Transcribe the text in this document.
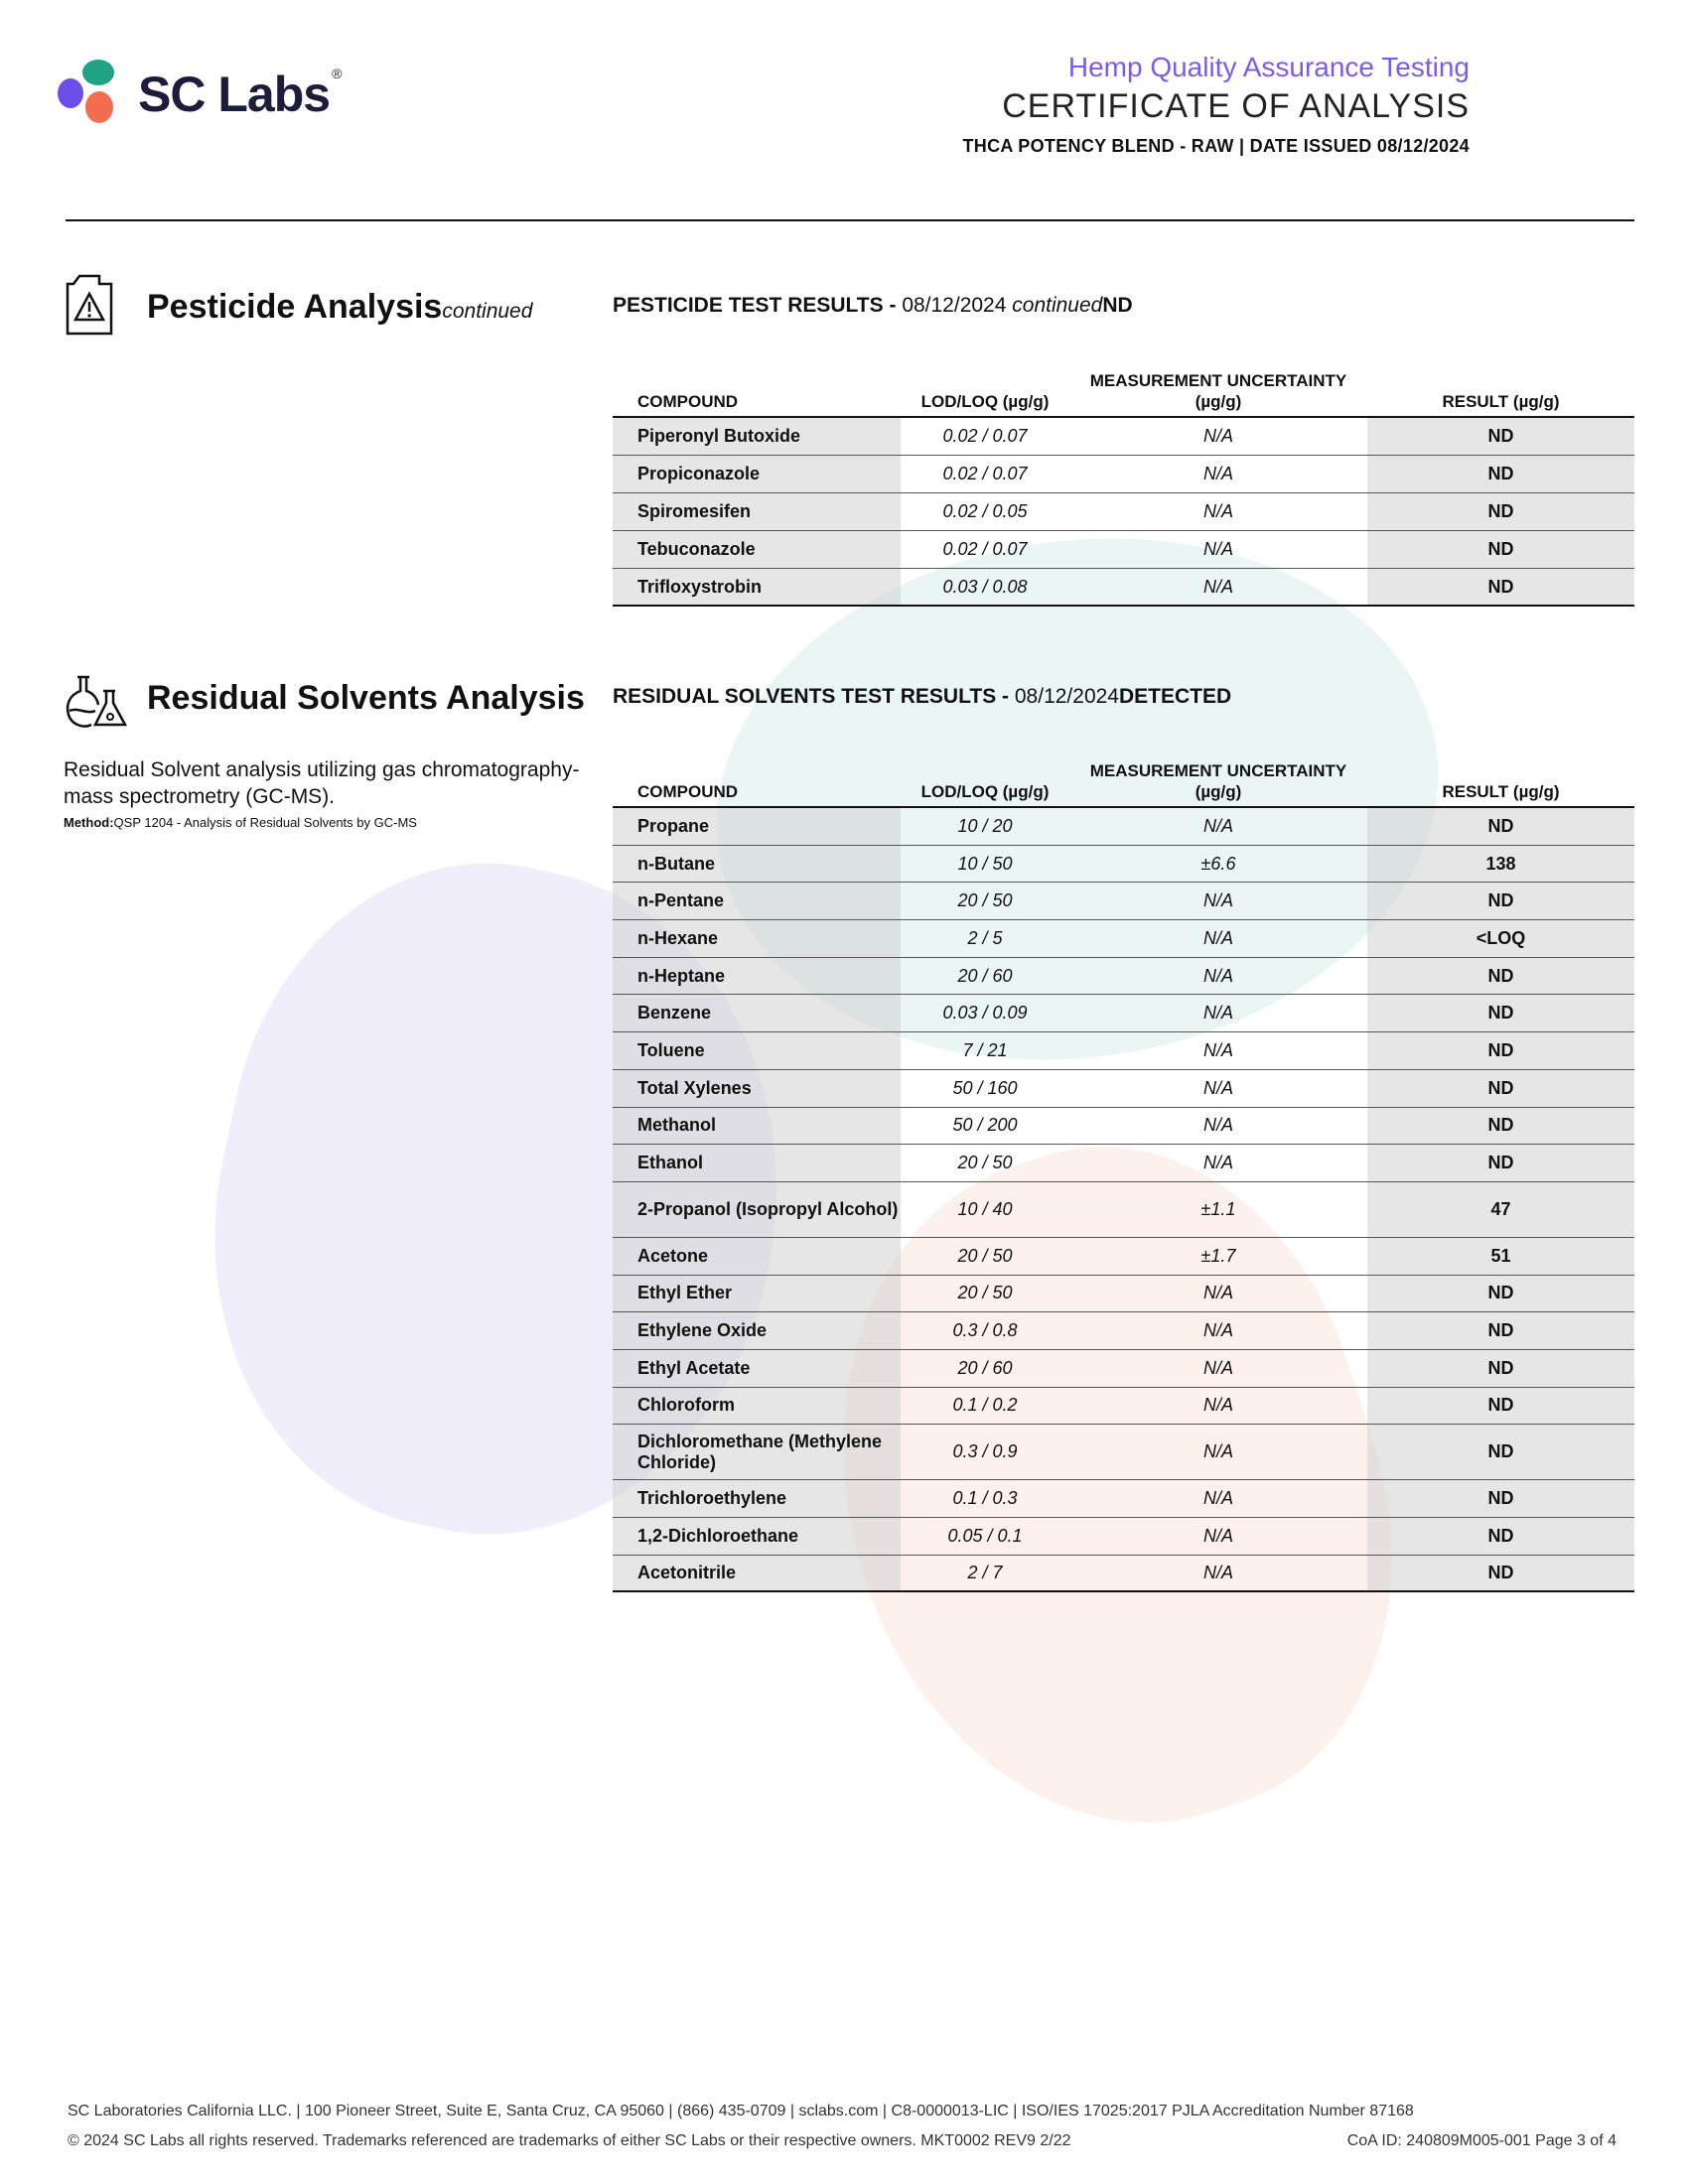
SC Labs ®	Hemp Quality Assurance Testing
CERTIFICATE OF ANALYSIS
THCA POTENCY BLEND - RAW | DATE ISSUED 08/12/2024
Pesticide Analysiscontinued	PESTICIDE TEST RESULTS - 08/12/2024 continuedND
COMPOUND	LOD/LOQ (µg/g)
MEASUREMENT UNCERTAINTY (µg/g)	RESULT (µg/g)
Piperonyl Butoxide	0.02 / 0.07	N/A	ND
Propiconazole	0.02 / 0.07	N/A	ND
Spiromesifen	0.02 / 0.05	N/A	ND
Tebuconazole	0.02 / 0.07	N/A	ND
Trifloxystrobin	0.03 / 0.08	N/A	ND
Residual Solvents Analysis
Residual Solvent analysis utilizing gas chromatography-mass spectrometry (GC-MS).
Method:QSP 1204 - Analysis of Residual Solvents by GC-MS
RESIDUAL SOLVENTS TEST RESULTS - 08/12/2024DETECTED
COMPOUND	LOD/LOQ (µg/g)
MEASUREMENT UNCERTAINTY (µg/g)	RESULT (µg/g)
Propane	10 / 20	N/A	ND
n-Butane	10 / 50	±6.6	138
n-Pentane	20 / 50	N/A	ND
n-Hexane	2 / 5	N/A	<LOQ
n-Heptane	20 / 60	N/A	ND
Benzene	0.03 / 0.09	N/A	ND
Toluene	7 / 21	N/A	ND
Total Xylenes	50 / 160	N/A	ND
Methanol	50 / 200	N/A	ND
Ethanol	20 / 50	N/A	ND
2-Propanol (Isopropyl Alcohol)	10 / 40	±1.1	47
Acetone	20 / 50	±1.7	51
Ethyl Ether	20 / 50	N/A	ND
Ethylene Oxide	0.3 / 0.8	N/A	ND
Ethyl Acetate	20 / 60	N/A	ND
Chloroform	0.1 / 0.2	N/A	ND
Dichloromethane (Methylene Chloride)
0.3 / 0.9	N/A	ND
Trichloroethylene	0.1 / 0.3	N/A	ND
1,2-Dichloroethane	0.05 / 0.1	N/A	ND
Acetonitrile	2 / 7	N/A	ND
SC Laboratories California LLC. | 100 Pioneer Street, Suite E, Santa Cruz, CA 95060 | (866) 435-0709 | sclabs.com | C8-0000013-LIC | ISO/IES 17025:2017 PJLA Accreditation Number 87168
© 2024 SC Labs all rights reserved. Trademarks referenced are trademarks of either SC Labs or their respective owners. MKT0002 REV9 2/22	CoA ID: 240809M005-001 Page 3 of 4
